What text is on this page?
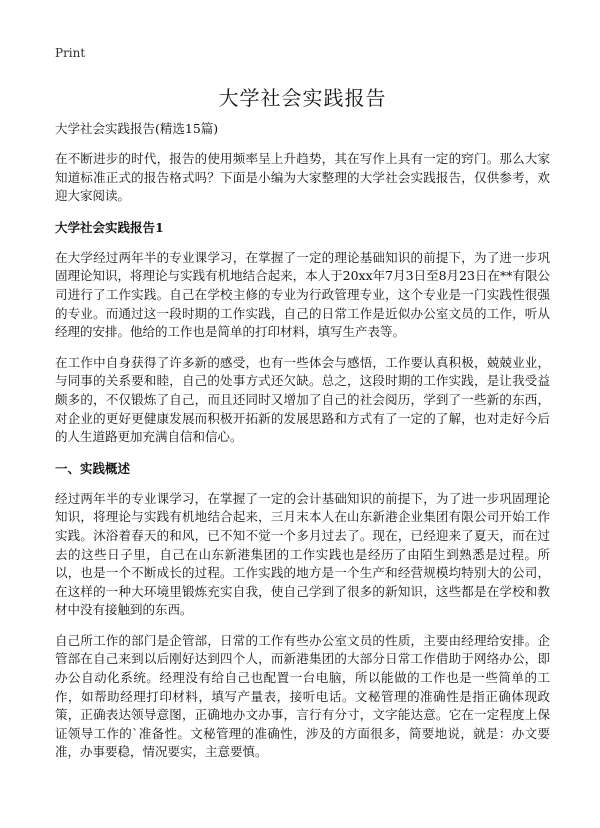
Print
大学社会实践报告

大学社会实践报告(精选15篇)

在不断进步的时代，报告的使用频率呈上升趋势，其在写作上具有一定的窍门。那么大家知道标准正式的报告格式吗？下面是小编为大家整理的大学社会实践报告，仅供参考，欢迎大家阅读。

大学社会实践报告1

在大学经过两年半的专业课学习，在掌握了一定的理论基础知识的前提下，为了进一步巩固理论知识，将理论与实践有机地结合起来，本人于20xx年7月3日至8月23日在**有限公司进行了工作实践。自己在学校主修的专业为行政管理专业，这个专业是一门实践性很强的专业。而通过这一段时期的工作实践，自己的日常工作是近似办公室文员的工作，听从经理的安排。他给的工作也是简单的打印材料，填写生产表等。

在工作中自身获得了许多新的感受，也有一些体会与感悟，工作要认真积极，兢兢业业，与同事的关系要和睦，自己的处事方式还欠缺。总之，这段时期的工作实践，是让我受益颇多的，不仅锻炼了自己，而且还同时又增加了自己的社会阅历，学到了一些新的东西，对企业的更好更健康发展而积极开拓新的发展思路和方式有了一定的了解，也对走好今后的人生道路更加充满自信和信心。

一、实践概述

经过两年半的专业课学习，在掌握了一定的会计基础知识的前提下，为了进一步巩固理论知识，将理论与实践有机地结合起来，三月末本人在山东新港企业集团有限公司开始工作实践。沐浴着春天的和风，已不知不觉一个多月过去了。现在，已经迎来了夏天，而在过去的这些日子里，自己在山东新港集团的工作实践也是经历了由陌生到熟悉是过程。所以，也是一个不断成长的过程。工作实践的地方是一个生产和经营规模均特别大的公司，在这样的一种大环境里锻炼充实自我，使自己学到了很多的新知识，这些都是在学校和教材中没有接触到的东西。

自己所工作的部门是企管部，日常的工作有些办公室文员的性质，主要由经理给安排。企管部在自己来到以后刚好达到四个人，而新港集团的大部分日常工作借助于网络办公，即办公自动化系统。经理没有给自己也配置一台电脑，所以能做的工作也是一些简单的工作，如帮助经理打印材料，填写产量表，接听电话。文秘管理的准确性是指正确体现政策，正确表达领导意图，正确地办文办事，言行有分寸，文字能达意。它在一定程度上保证领导工作的`准备性。文秘管理的准确性，涉及的方面很多，简要地说，就是：办文要准，办事要稳，情况要实，主意要慎。
